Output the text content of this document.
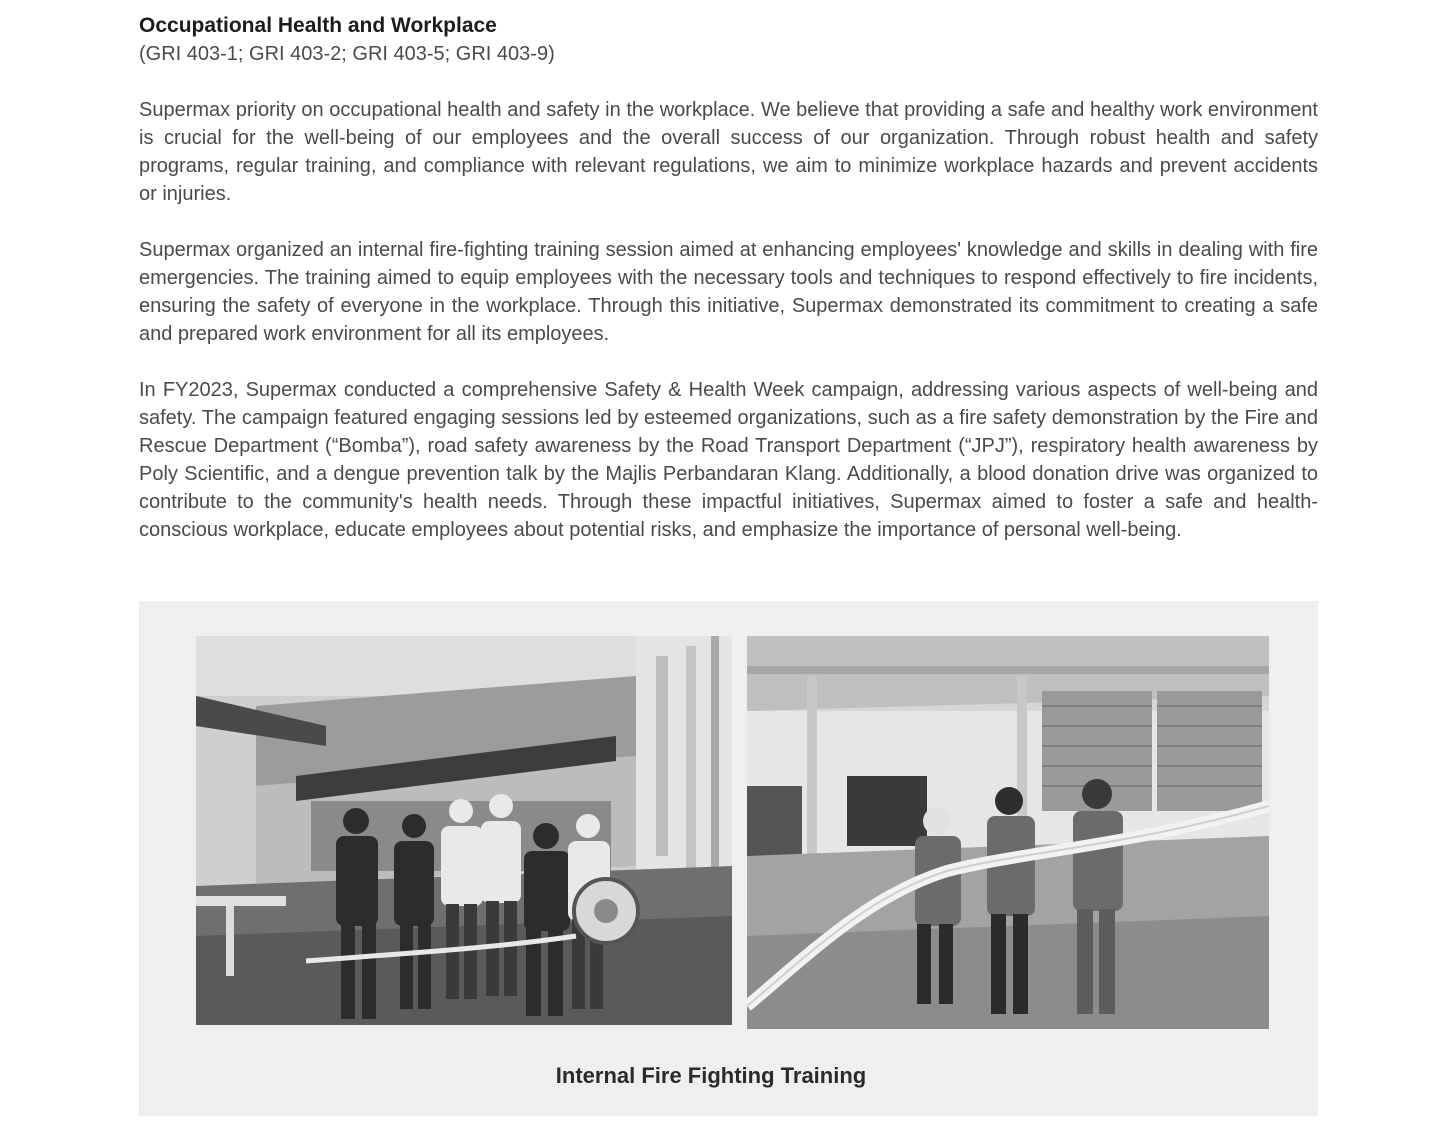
Occupational Health and Workplace

(GRI 403-1; GRI 403-2; GRI 403-5; GRI 403-9)

Supermax priority on occupational health and safety in the workplace. We believe that providing a safe and healthy work environment is crucial for the well-being of our employees and the overall success of our organization. Through robust health and safety programs, regular training, and compliance with relevant regulations, we aim to minimize workplace hazards and prevent accidents or injuries.

Supermax organized an internal fire-fighting training session aimed at enhancing employees' knowledge and skills in dealing with fire emergencies. The training aimed to equip employees with the necessary tools and techniques to respond effectively to fire incidents, ensuring the safety of everyone in the workplace. Through this initiative, Supermax demonstrated its commitment to creating a safe and prepared work environment for all its employees.

In FY2023, Supermax conducted a comprehensive Safety & Health Week campaign, addressing various aspects of well-being and safety. The campaign featured engaging sessions led by esteemed organizations, such as a fire safety demonstration by the Fire and Rescue Department (“Bomba”), road safety awareness by the Road Transport Department (“JPJ”), respiratory health awareness by Poly Scientific, and a dengue prevention talk by the Majlis Perbandaran Klang. Additionally, a blood donation drive was organized to contribute to the community's health needs. Through these impactful initiatives, Supermax aimed to foster a safe and health-conscious workplace, educate employees about potential risks, and emphasize the importance of personal well-being.

Internal Fire Fighting Training
